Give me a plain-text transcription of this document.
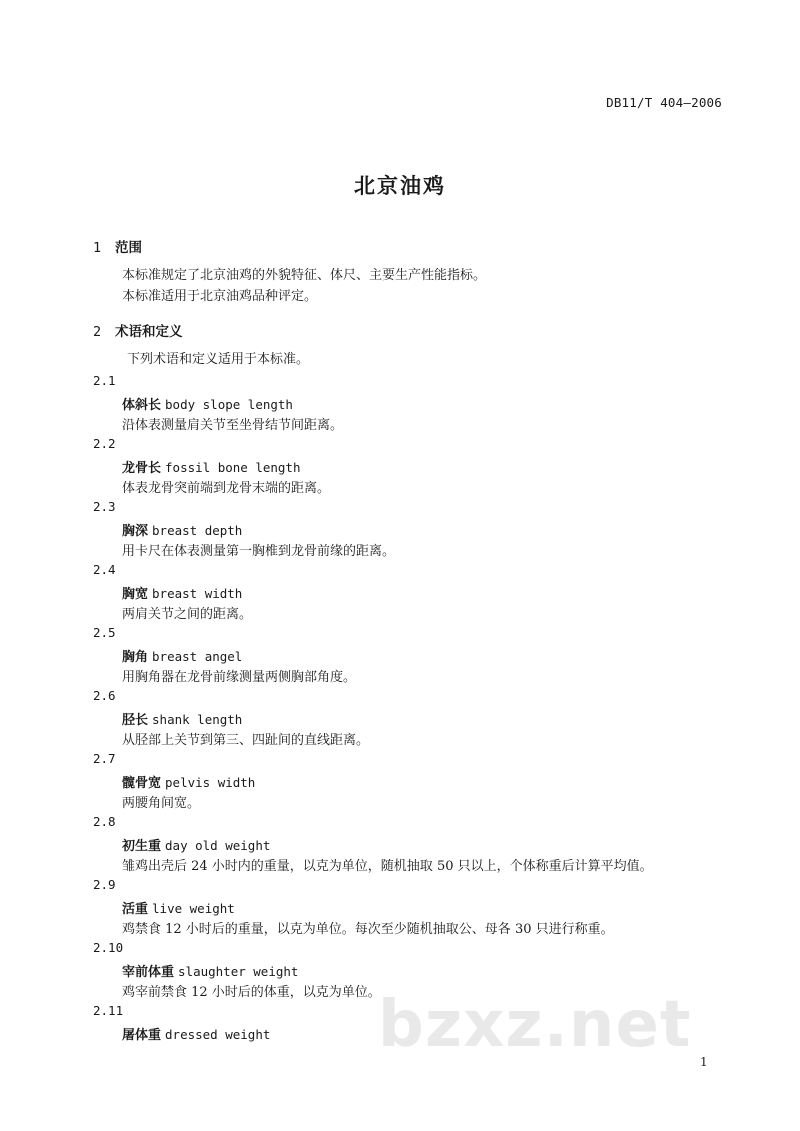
DB11/T 404—2006
北京油鸡
1 范围
本标准规定了北京油鸡的外貌特征、体尺、主要生产性能指标。
本标准适用于北京油鸡品种评定。
2 术语和定义
下列术语和定义适用于本标准。
2.1
体斜长 body slope length
沿体表测量肩关节至坐骨结节间距离。
2.2
龙骨长 fossil bone length
体表龙骨突前端到龙骨末端的距离。
2.3
胸深 breast depth
用卡尺在体表测量第一胸椎到龙骨前缘的距离。
2.4
胸宽 breast width
两肩关节之间的距离。
2.5
胸角 breast angel
用胸角器在龙骨前缘测量两侧胸部角度。
2.6
胫长 shank length
从胫部上关节到第三、四趾间的直线距离。
2.7
髋骨宽 pelvis width
两腰角间宽。
2.8
初生重 day old weight
雏鸡出壳后 24 小时内的重量，以克为单位，随机抽取 50 只以上，个体称重后计算平均值。
2.9
活重 live weight
鸡禁食 12 小时后的重量，以克为单位。每次至少随机抽取公、母各 30 只进行称重。
2.10
宰前体重 slaughter weight
鸡宰前禁食 12 小时后的体重，以克为单位。
2.11
屠体重 dressed weight bzxz.net 1
